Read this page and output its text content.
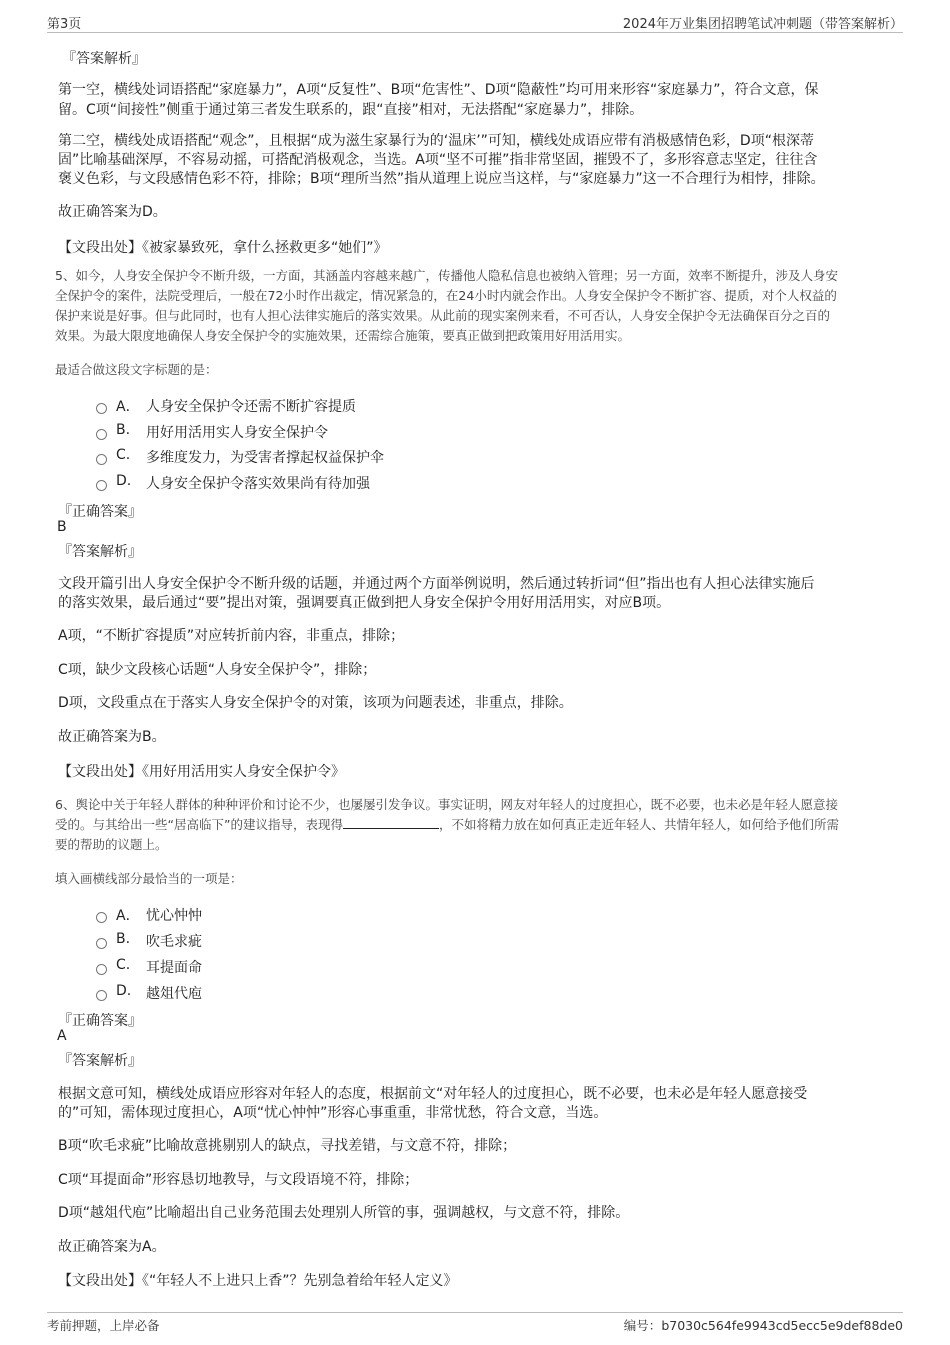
第3页	2024年万业集团招聘笔试冲刺题（带答案解析）
『答案解析』
第一空，横线处词语搭配“家庭暴力”，A项“反复性”、B项“危害性”、D项“隐蔽性”均可用来形容“家庭暴力”，符合文意，保
留。C项“间接性”侧重于通过第三者发生联系的，跟“直接”相对，无法搭配“家庭暴力”，排除。
第二空，横线处成语搭配“观念”，且根据“成为滋生家暴行为的‘温床’”可知，横线处成语应带有消极感情色彩，D项“根深蒂
固”比喻基础深厚，不容易动摇，可搭配消极观念，当选。A项“坚不可摧”指非常坚固，摧毁不了，多形容意志坚定，往往含
褒义色彩，与文段感情色彩不符，排除；B项“理所当然”指从道理上说应当这样，与“家庭暴力”这一不合理行为相悖，排除。
故正确答案为D。
【文段出处】《被家暴致死，拿什么拯救更多“她们”》
5、如今，人身安全保护令不断升级，一方面，其涵盖内容越来越广，传播他人隐私信息也被纳入管理；另一方面，效率不断提升，涉及人身安
全保护令的案件，法院受理后，一般在72小时作出裁定，情况紧急的，在24小时内就会作出。人身安全保护令不断扩容、提质，对个人权益的
保护来说是好事。但与此同时，也有人担心法律实施后的落实效果。从此前的现实案例来看，不可否认，人身安全保护令无法确保百分之百的
效果。为最大限度地确保人身安全保护令的实施效果，还需综合施策，要真正做到把政策用好用活用实。
最适合做这段文字标题的是：
A． 人身安全保护令还需不断扩容提质
B. 用好用活用实人身安全保护令
C. 多维度发力，为受害者撑起权益保护伞
D. 人身安全保护令落实效果尚有待加强
『正确答案』
B
『答案解析』
文段开篇引出人身安全保护令不断升级的话题，并通过两个方面举例说明，然后通过转折词“但”指出也有人担心法律实施后
的落实效果，最后通过“要”提出对策，强调要真正做到把人身安全保护令用好用活用实，对应B项。
A项，“不断扩容提质”对应转折前内容，非重点，排除；
C项，缺少文段核心话题“人身安全保护令”，排除；
D项，文段重点在于落实人身安全保护令的对策，该项为问题表述，非重点，排除。
故正确答案为B。
【文段出处】《用好用活用实人身安全保护令》
6、舆论中关于年轻人群体的种种评价和讨论不少，也屡屡引发争议。事实证明，网友对年轻人的过度担心，既不必要，也未必是年轻人愿意接
受的。与其给出一些“居高临下”的建议指导，表现得	，不如将精力放在如何真正走近年轻人、共情年轻人，如何给予他们所需
要的帮助的议题上。
填入画横线部分最恰当的一项是：
A． 忧心忡忡
B. 吹毛求疵
C. 耳提面命
D. 越俎代庖
『正确答案』
A
『答案解析』
根据文意可知，横线处成语应形容对年轻人的态度，根据前文“对年轻人的过度担心，既不必要，也未必是年轻人愿意接受
的”可知，需体现过度担心，A项“忧心忡忡”形容心事重重，非常忧愁，符合文意，当选。
B项“吹毛求疵”比喻故意挑剔别人的缺点，寻找差错，与文意不符，排除；
C项“耳提面命”形容恳切地教导，与文段语境不符，排除；
D项“越俎代庖”比喻超出自己业务范围去处理别人所管的事，强调越权，与文意不符，排除。
故正确答案为A。
【文段出处】《“年轻人不上进只上香”？先别急着给年轻人定义》
考前押题，上岸必备	编号：b7030c564fe9943cd5ecc5e9def88de0
